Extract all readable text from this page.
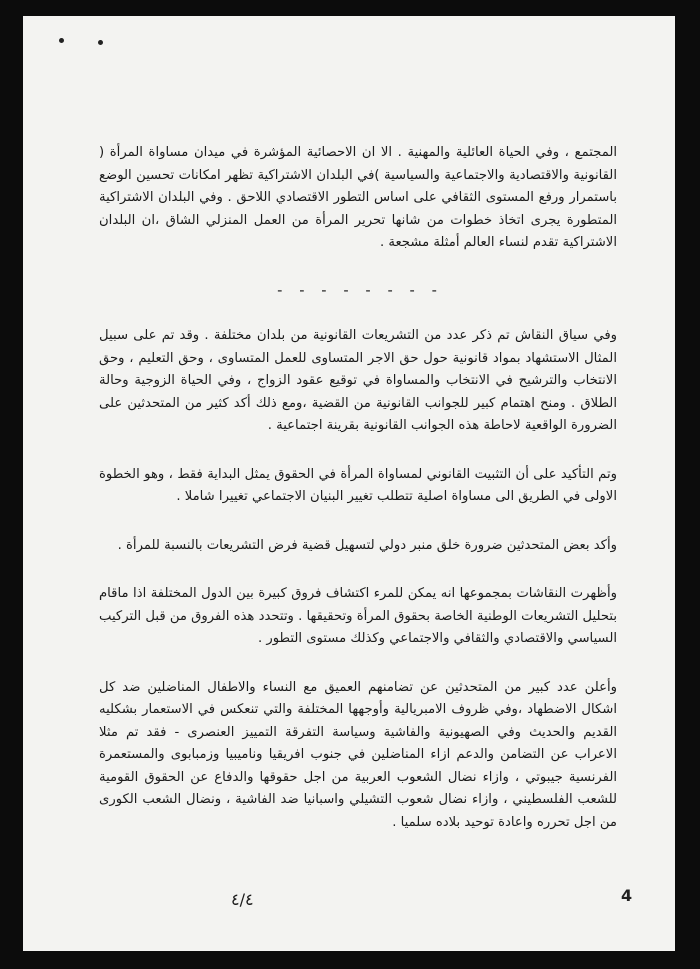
المجتمع ، وفي الحياة العائلية والمهنية . الا ان الاحصائية المؤشرة في ميدان مساواة المرأة ( القانونية والاقتصادية والاجتماعية والسياسية )في البلدان الاشتراكية تظهر امكانات تحسين الوضع باستمرار ورفع المستوى الثقافي على اساس التطور الاقتصادي اللاحق . وفي البلدان الاشتراكية المتطورة يجرى اتخاذ خطوات من شانها تحرير المرأة من العمل المنزلي الشاق ،ان البلدان الاشتراكية تقدم لنساء العالم أمثلة مشجعة .

- - - - - - - -

وفي سياق النقاش تم ذكر عدد من التشريعات القانونية من بلدان مختلفة . وقد تم على سبيل المثال الاستشهاد بمواد قانونية حول حق الاجر المتساوى للعمل المتساوى ، وحق التعليم ، وحق الانتخاب والترشيح في الانتخاب والمساواة في توقيع عقود الزواج ، وفي الحياة الزوجية وحالة الطلاق . ومنح اهتمام كبير للجوانب القانونية من القضية ،ومع ذلك أكد كثير من المتحدثين على الضرورة الواقعية لاحاطة هذه الجوانب القانونية بقرينة اجتماعية .

وتم التأكيد على أن التثبيت القانوني لمساواة المرأة في الحقوق يمثل البداية فقط ، وهو الخطوة الاولى في الطريق الى مساواة اصلية تتطلب تغيير البنيان الاجتماعي تغييرا شاملا .

وأكد بعض المتحدثين ضرورة خلق منبر دولي لتسهيل قضية فرض التشريعات بالنسبة للمرأة .

وأظهرت النقاشات بمجموعها انه يمكن للمرء اكتشاف فروق كبيرة بين الدول المختلفة اذا ماقام بتحليل التشريعات الوطنية الخاصة بحقوق المرأة وتحقيقها . وتتحدد هذه الفروق من قبل التركيب السياسي والاقتصادي والثقافي والاجتماعي وكذلك مستوى التطور .

وأعلن عدد كبير من المتحدثين عن تضامنهم العميق مع النساء والاطفال المناضلين ضد كل اشكال الاضطهاد ،وفي ظروف الامبريالية وأوجهها المختلفة والتي تنعكس في الاستعمار بشكليه القديم والحديث وفي الصهيونية والفاشية وسياسة التفرقة التمييز العنصرى - فقد تم مثلا الاعراب عن التضامن والدعم ازاء المناضلين في جنوب افريقيا وناميبيا وزمبابوى والمستعمرة الفرنسية جيبوتي ، وازاء نضال الشعوب العربية من اجل حقوقها والدفاع عن الحقوق القومية للشعب الفلسطيني ، وازاء نضال شعوب التشيلي واسبانيا ضد الفاشية ، ونضال الشعب الكورى من اجل تحرره واعادة توحيد بلاده سلميا .

٤/٤	4
